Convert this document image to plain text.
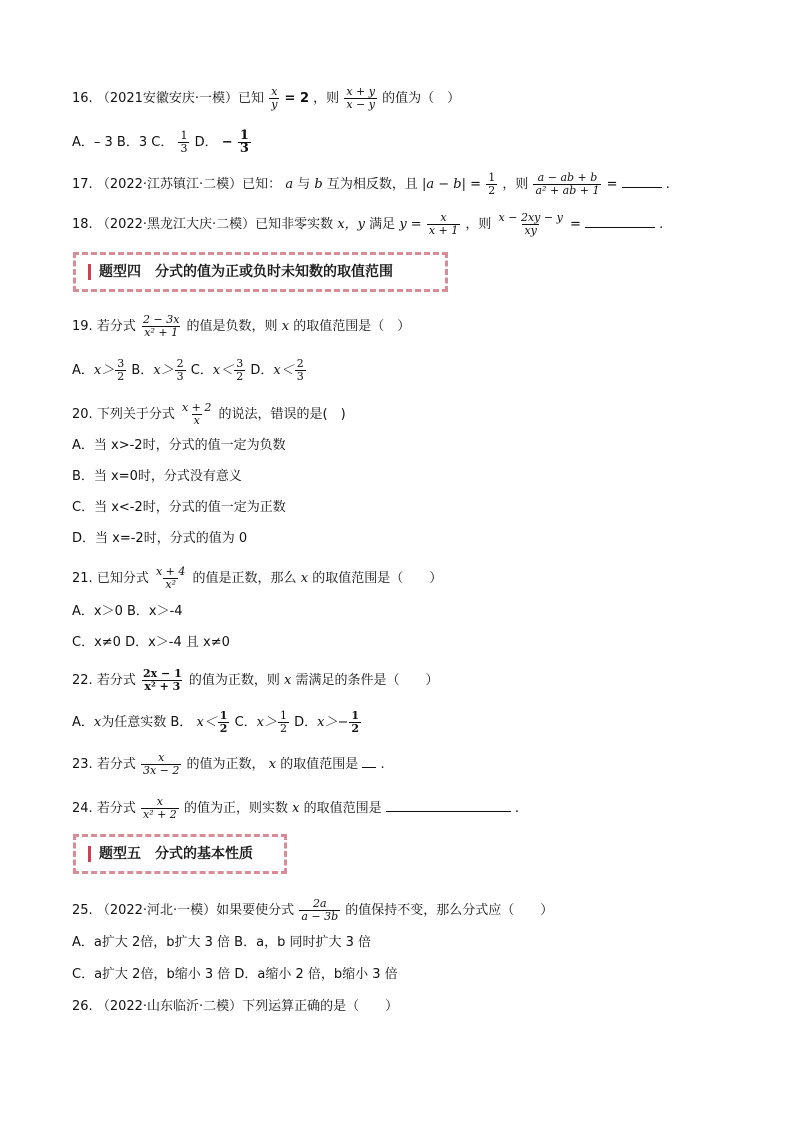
16. （2021安徽安庆·一模）已知 $\frac{x}{y} = 2$ ，则 $\frac{x + y}{x - y}$ 的值为（　）
A．– 3 B．3 C． $\frac{1}{3}$ D． − $\frac{1}{3}$
17. （2022·江苏镇江·二模）已知： a 与 b 互为相反数，且 $|a - b| = \frac{1}{2}$ ，则 $\frac{a - ab + b}{\text{a² + ab + 1}}$ =	.
18. （2022·黑龙江大庆·二模）已知非零实数 x，y 满足 $y = \frac{x}{x + 1}$ ，则 $\frac{x - 2xy - y}{xy}$ =	.
题型四　分式的值为正或负时未知数的取值范围
19. 若分式 $\frac{2 - 3x}{\text{x² + 1}}$ 的值是负数，则 x 的取值范围是（　）
A．$x> \frac{3}{2}$ B．$x> \frac{2}{3}$ C．$x< \frac{3}{2}$ D．$x< \frac{2}{3}$
20. 下列关于分式 $\frac{x + 2}{x}$ 的说法，错误的是(　)
A．当 x>-2时，分式的值一定为负数
B．当 x=0时，分式没有意义
C．当 x<-2时，分式的值一定为正数
D．当 x=-2时，分式的值为 0
21. 已知分式 $\frac{x + 4}{\text{x²}}$ 的值是正数，那么 x 的取值范围是（　　）
A．x＞0 B．x＞-4
C．x≠0 D．x＞-4 且 x≠0
22. 若分式 $\frac{2x - 1}{\text{x² + 3}}$ 的值为正数，则 x 需满足的条件是（　　）
A．x为任意实数 B． $x< \frac{1}{2}$ C．$x> \frac{1}{2}$ D．$x>- \frac{1}{2}$
23. 若分式 $\frac{x}{3x - 2}$ 的值为正数， x 的取值范围是 .
24. 若分式 $\frac{x}{\text{x² + 2}}$ 的值为正，则实数 x 的取值范围是	.
题型五　分式的基本性质
25. （2022·河北·一模）如果要使分式 $\frac{2a}{a - 3b}$ 的值保持不变，那么分式应（　　）
A．a扩大 2倍，b扩大 3 倍 B．a，b 同时扩大 3 倍
C．a扩大 2倍，b缩小 3 倍 D．a缩小 2 倍，b缩小 3 倍
26. （2022·山东临沂·二模）下列运算正确的是（　　）
